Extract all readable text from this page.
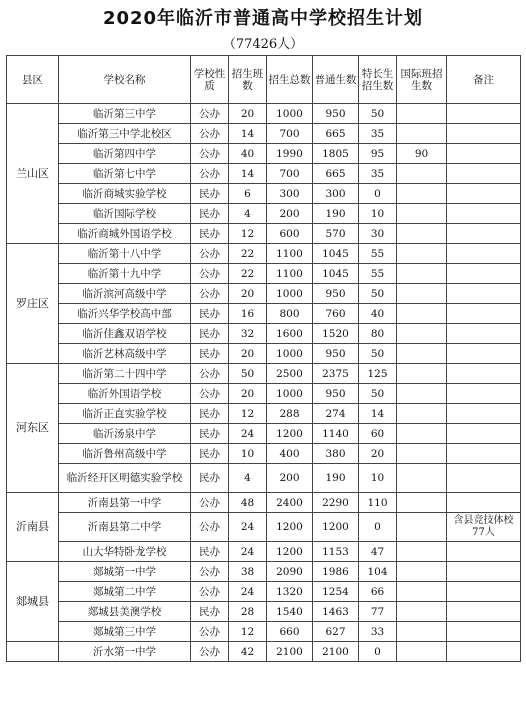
2020年临沂市普通高中学校招生计划
（77426人）
县区	学校名称	学校性质	招生班数	招生总数	普通生数	特长生招生数	国际班招生数	备注
兰山区	临沂第三中学	公办	20	1000	950	50		
	临沂第三中学北校区	公办	14	700	665	35		
	临沂第四中学	公办	40	1990	1805	95	90	
	临沂第七中学	公办	14	700	665	35		
	临沂商城实验学校	民办	6	300	300	0		
	临沂国际学校	民办	4	200	190	10		
	临沂商城外国语学校	民办	12	600	570	30		
罗庄区	临沂第十八中学	公办	22	1100	1045	55		
	临沂第十九中学	公办	22	1100	1045	55		
	临沂滨河高级中学	公办	20	1000	950	50		
	临沂兴华学校高中部	民办	16	800	760	40		
	临沂佳鑫双语学校	民办	32	1600	1520	80		
	临沂艺林高级中学	民办	20	1000	950	50		
河东区	临沂第二十四中学	公办	50	2500	2375	125		
	临沂外国语学校	公办	20	1000	950	50		
	临沂正直实验学校	民办	12	288	274	14		
	临沂汤泉中学	民办	24	1200	1140	60		
	临沂鲁州高级中学	民办	10	400	380	20		
	临沂经开区明德实验学校	民办	4	200	190	10		
沂南县	沂南县第一中学	公办	48	2400	2290	110		
	沂南县第二中学	公办	24	1200	1200	0		含县竞技体校77人
	山大华特卧龙学校	民办	24	1200	1153	47		
郯城县	郯城第一中学	公办	38	2090	1986	104		
	郯城第二中学	公办	24	1320	1254	66		
	郯城县美澳学校	民办	28	1540	1463	77		
	郯城第三中学	公办	12	660	627	33		
	沂水第一中学	公办	42	2100	2100	0		
